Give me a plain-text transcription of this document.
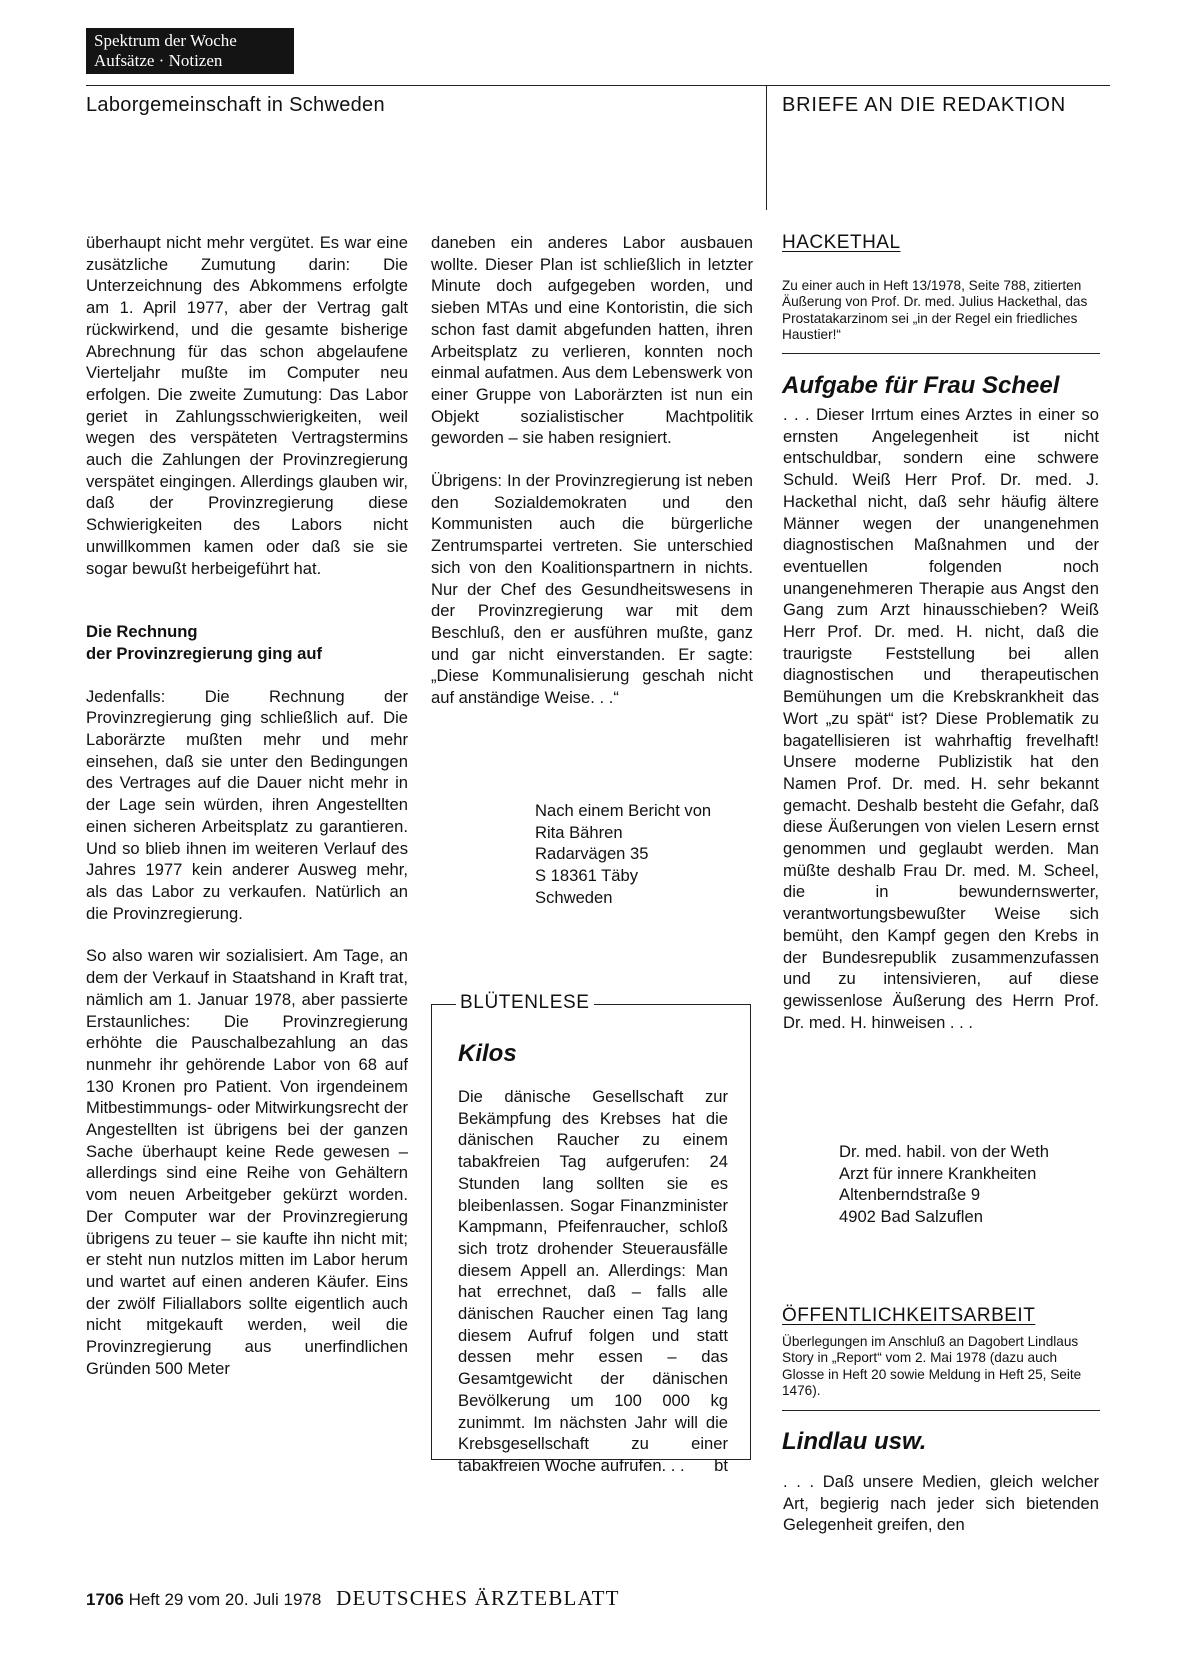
Spektrum der Woche
Aufsätze · Notizen
Laborgemeinschaft in Schweden	BRIEFE AN DIE REDAKTION

überhaupt nicht mehr vergütet. Es war eine zusätzliche Zumutung darin: Die Unterzeichnung des Abkommens erfolgte am 1. April 1977, aber der Vertrag galt rückwirkend, und die gesamte bisherige Abrechnung für das schon abgelaufene Vierteljahr mußte im Computer neu erfolgen. Die zweite Zumutung: Das Labor geriet in Zahlungsschwierigkeiten, weil wegen des verspäteten Vertragstermins auch die Zahlungen der Provinzregierung verspätet eingingen. Allerdings glauben wir, daß der Provinzregierung diese Schwierigkeiten des Labors nicht unwillkommen kamen oder daß sie sie sogar bewußt herbeigeführt hat.

Die Rechnung
der Provinzregierung ging auf

Jedenfalls: Die Rechnung der Provinzregierung ging schließlich auf. Die Laborärzte mußten mehr und mehr einsehen, daß sie unter den Bedingungen des Vertrages auf die Dauer nicht mehr in der Lage sein würden, ihren Angestellten einen sicheren Arbeitsplatz zu garantieren. Und so blieb ihnen im weiteren Verlauf des Jahres 1977 kein anderer Ausweg mehr, als das Labor zu verkaufen. Natürlich an die Provinzregierung.

So also waren wir sozialisiert. Am Tage, an dem der Verkauf in Staatshand in Kraft trat, nämlich am 1. Januar 1978, aber passierte Erstaunliches: Die Provinzregierung erhöhte die Pauschalbezahlung an das nunmehr ihr gehörende Labor von 68 auf 130 Kronen pro Patient. Von irgendeinem Mitbestimmungs- oder Mitwirkungsrecht der Angestellten ist übrigens bei der ganzen Sache überhaupt keine Rede gewesen – allerdings sind eine Reihe von Gehältern vom neuen Arbeitgeber gekürzt worden. Der Computer war der Provinzregierung übrigens zu teuer – sie kaufte ihn nicht mit; er steht nun nutzlos mitten im Labor herum und wartet auf einen anderen Käufer. Eins der zwölf Filiallabors sollte eigentlich auch nicht mitgekauft werden, weil die Provinzregierung aus unerfindlichen Gründen 500 Meter

daneben ein anderes Labor ausbauen wollte. Dieser Plan ist schließlich in letzter Minute doch aufgegeben worden, und sieben MTAs und eine Kontoristin, die sich schon fast damit abgefunden hatten, ihren Arbeitsplatz zu verlieren, konnten noch einmal aufatmen. Aus dem Lebenswerk von einer Gruppe von Laborärzten ist nun ein Objekt sozialistischer Machtpolitik geworden – sie haben resigniert.

Übrigens: In der Provinzregierung ist neben den Sozialdemokraten und den Kommunisten auch die bürgerliche Zentrumspartei vertreten. Sie unterschied sich von den Koalitionspartnern in nichts. Nur der Chef des Gesundheitswesens in der Provinzregierung war mit dem Beschluß, den er ausführen mußte, ganz und gar nicht einverstanden. Er sagte: „Diese Kommunalisierung geschah nicht auf anständige Weise. . .“

Nach einem Bericht von
Rita Bähren
Radarvägen 35
S 18361 Täby
Schweden
BLÜTENLESE
Kilos
Die dänische Gesellschaft zur Bekämpfung des Krebses hat die dänischen Raucher zu einem tabakfreien Tag aufgerufen: 24 Stunden lang sollten sie es bleibenlassen. Sogar Finanzminister Kampmann, Pfeifenraucher, schloß sich trotz drohender Steuerausfälle diesem Appell an. Allerdings: Man hat errechnet, daß – falls alle dänischen Raucher einen Tag lang diesem Aufruf folgen und statt dessen mehr essen – das Gesamtgewicht der dänischen Bevölkerung um 100 000 kg zunimmt. Im nächsten Jahr will die Krebsgesellschaft zu einer tabakfreien Woche aufrufen. . . bt
HACKETHAL
Zu einer auch in Heft 13/1978, Seite 788, zitierten Äußerung von Prof. Dr. med. Julius Hackethal, das Prostatakarzinom sei „in der Regel ein friedliches Haustier!“
Aufgabe für Frau Scheel

. . . Dieser Irrtum eines Arztes in einer so ernsten Angelegenheit ist nicht entschuldbar, sondern eine schwere Schuld. Weiß Herr Prof. Dr. med. J. Hackethal nicht, daß sehr häufig ältere Männer wegen der unangenehmen diagnostischen Maßnahmen und der eventuellen folgenden noch unangenehmeren Therapie aus Angst den Gang zum Arzt hinausschieben? Weiß Herr Prof. Dr. med. H. nicht, daß die traurigste Feststellung bei allen diagnostischen und therapeutischen Bemühungen um die Krebskrankheit das Wort „zu spät“ ist? Diese Problematik zu bagatellisieren ist wahrhaftig frevelhaft! Unsere moderne Publizistik hat den Namen Prof. Dr. med. H. sehr bekannt gemacht. Deshalb besteht die Gefahr, daß diese Äußerungen von vielen Lesern ernst genommen und geglaubt werden. Man müßte deshalb Frau Dr. med. M. Scheel, die in bewundernswerter, verantwortungsbewußter Weise sich bemüht, den Kampf gegen den Krebs in der Bundesrepublik zusammenzufassen und zu intensivieren, auf diese gewissenlose Äußerung des Herrn Prof. Dr. med. H. hinweisen . . .

Dr. med. habil. von der Weth
Arzt für innere Krankheiten
Altenberndstraße 9
4902 Bad Salzuflen
ÖFFENTLICHKEITSARBEIT
Überlegungen im Anschluß an Dagobert Lindlaus Story in „Report“ vom 2. Mai 1978 (dazu auch Glosse in Heft 20 sowie Meldung in Heft 25, Seite 1476).
Lindlau usw.

. . . Daß unsere Medien, gleich welcher Art, begierig nach jeder sich bietenden Gelegenheit greifen, den

1706 Heft 29 vom 20. Juli 1978 DEUTSCHES ÄRZTEBLATT
